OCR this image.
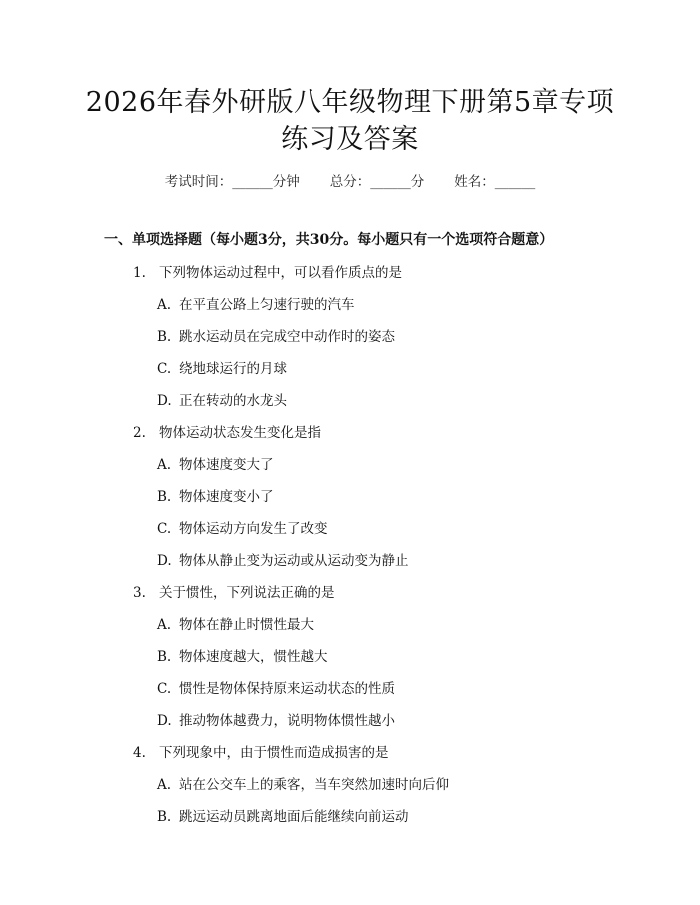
2026年春外研版八年级物理下册第5章专项
练习及答案
考试时间：______分钟 总分：______分 姓名：______
一、单项选择题（每小题3分，共30分。每小题只有一个选项符合题意）
1. 下列物体运动过程中，可以看作质点的是
A. 在平直公路上匀速行驶的汽车
B. 跳水运动员在完成空中动作时的姿态
C. 绕地球运行的月球
D. 正在转动的水龙头
2. 物体运动状态发生变化是指
A. 物体速度变大了
B. 物体速度变小了
C. 物体运动方向发生了改变
D. 物体从静止变为运动或从运动变为静止
3. 关于惯性，下列说法正确的是
A. 物体在静止时惯性最大
B. 物体速度越大，惯性越大
C. 惯性是物体保持原来运动状态的性质
D. 推动物体越费力，说明物体惯性越小
4. 下列现象中，由于惯性而造成损害的是
A. 站在公交车上的乘客，当车突然加速时向后仰
B. 跳远运动员跳离地面后能继续向前运动
